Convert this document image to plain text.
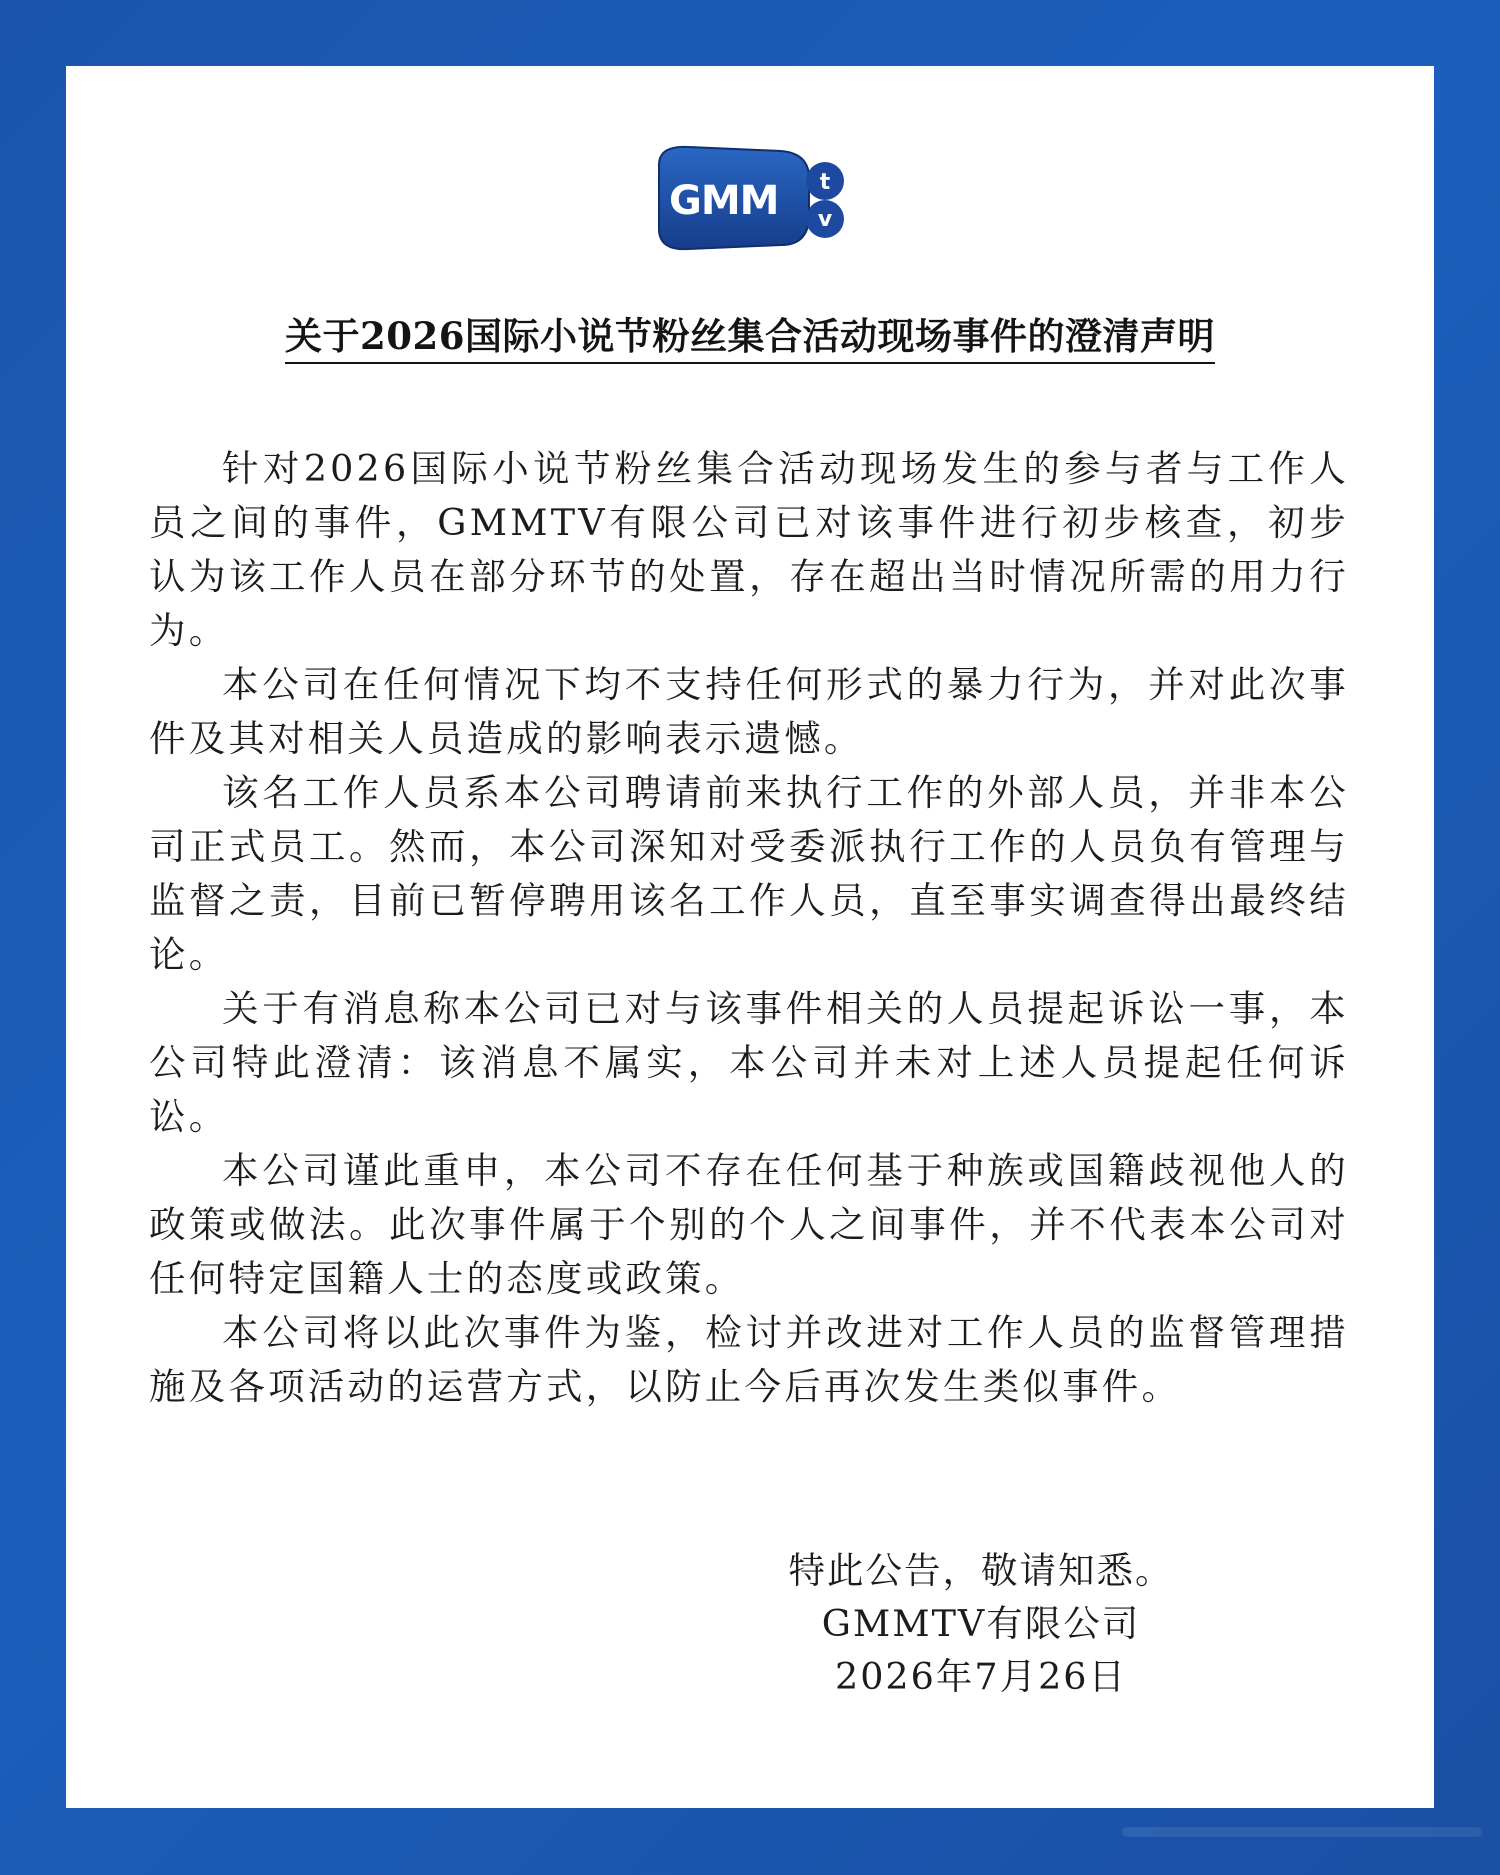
GMM t
v
关于2026国际小说节粉丝集合活动现场事件的澄清声明

针对2026国际小说节粉丝集合活动现场发生的参与者与工作人员之间的事件，GMMTV有限公司已对该事件进行初步核查，初步认为该工作人员在部分环节的处置，存在超出当时情况所需的用力行为。

本公司在任何情况下均不支持任何形式的暴力行为，并对此次事件及其对相关人员造成的影响表示遗憾。

该名工作人员系本公司聘请前来执行工作的外部人员，并非本公司正式员工。然而，本公司深知对受委派执行工作的人员负有管理与监督之责，目前已暂停聘用该名工作人员，直至事实调查得出最终结论。

关于有消息称本公司已对与该事件相关的人员提起诉讼一事，本公司特此澄清：该消息不属实，本公司并未对上述人员提起任何诉讼。

本公司谨此重申，本公司不存在任何基于种族或国籍歧视他人的政策或做法。此次事件属于个别的个人之间事件，并不代表本公司对任何特定国籍人士的态度或政策。

本公司将以此次事件为鉴，检讨并改进对工作人员的监督管理措施及各项活动的运营方式，以防止今后再次发生类似事件。

特此公告，敬请知悉。
GMMTV有限公司
2026年7月26日
